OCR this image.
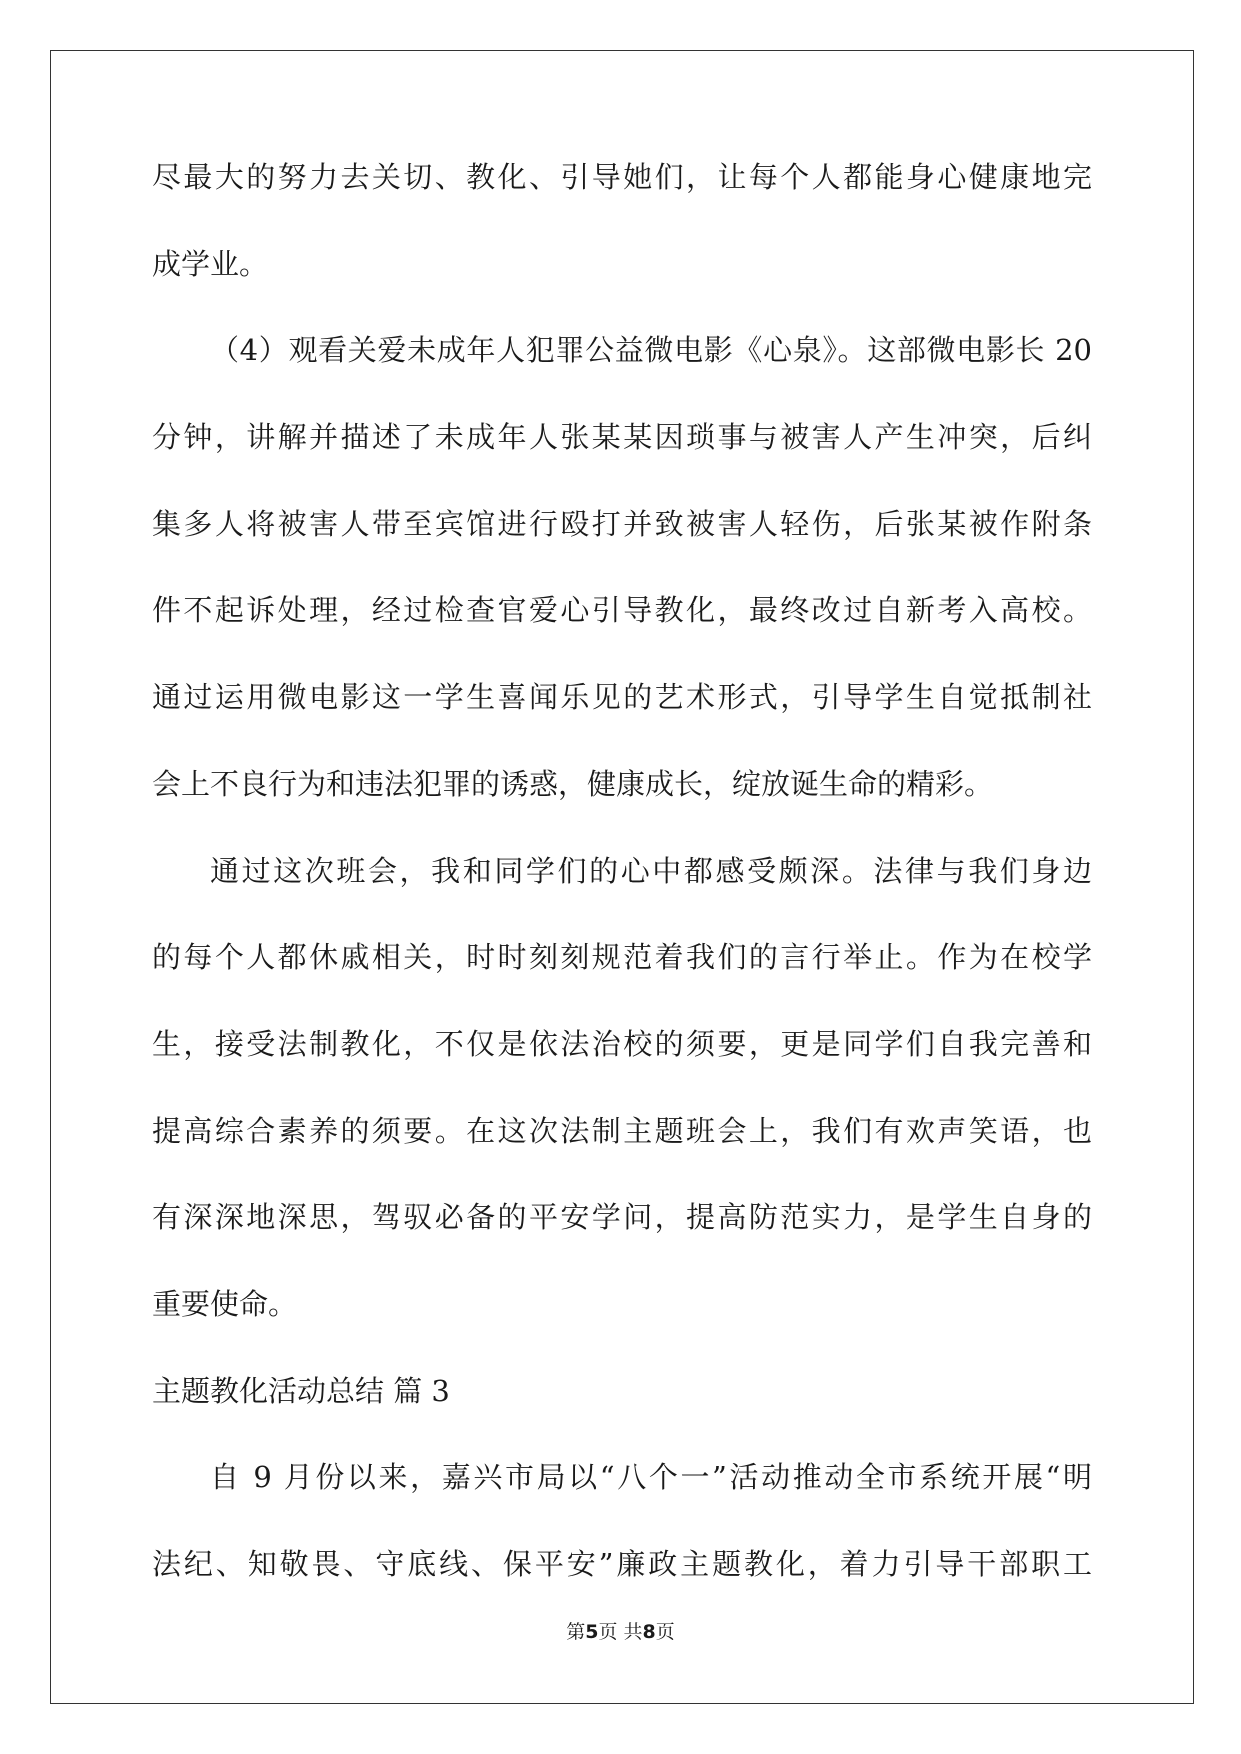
尽最大的努力去关切、教化、引导她们，让每个人都能身心健康地完
成学业。
（4）观看关爱未成年人犯罪公益微电影《心泉》。这部微电影长 20
分钟，讲解并描述了未成年人张某某因琐事与被害人产生冲突，后纠
集多人将被害人带至宾馆进行殴打并致被害人轻伤，后张某被作附条
件不起诉处理，经过检查官爱心引导教化，最终改过自新考入高校。
通过运用微电影这一学生喜闻乐见的艺术形式，引导学生自觉抵制社
会上不良行为和违法犯罪的诱惑，健康成长，绽放诞生命的精彩。
通过这次班会，我和同学们的心中都感受颇深。法律与我们身边
的每个人都休戚相关，时时刻刻规范着我们的言行举止。作为在校学
生，接受法制教化，不仅是依法治校的须要，更是同学们自我完善和
提高综合素养的须要。在这次法制主题班会上，我们有欢声笑语，也
有深深地深思，驾驭必备的平安学问，提高防范实力，是学生自身的
重要使命。
主题教化活动总结 篇 3
自 9 月份以来，嘉兴市局以“八个一”活动推动全市系统开展“明
法纪、知敬畏、守底线、保平安”廉政主题教化，着力引导干部职工
第5页 共8页
